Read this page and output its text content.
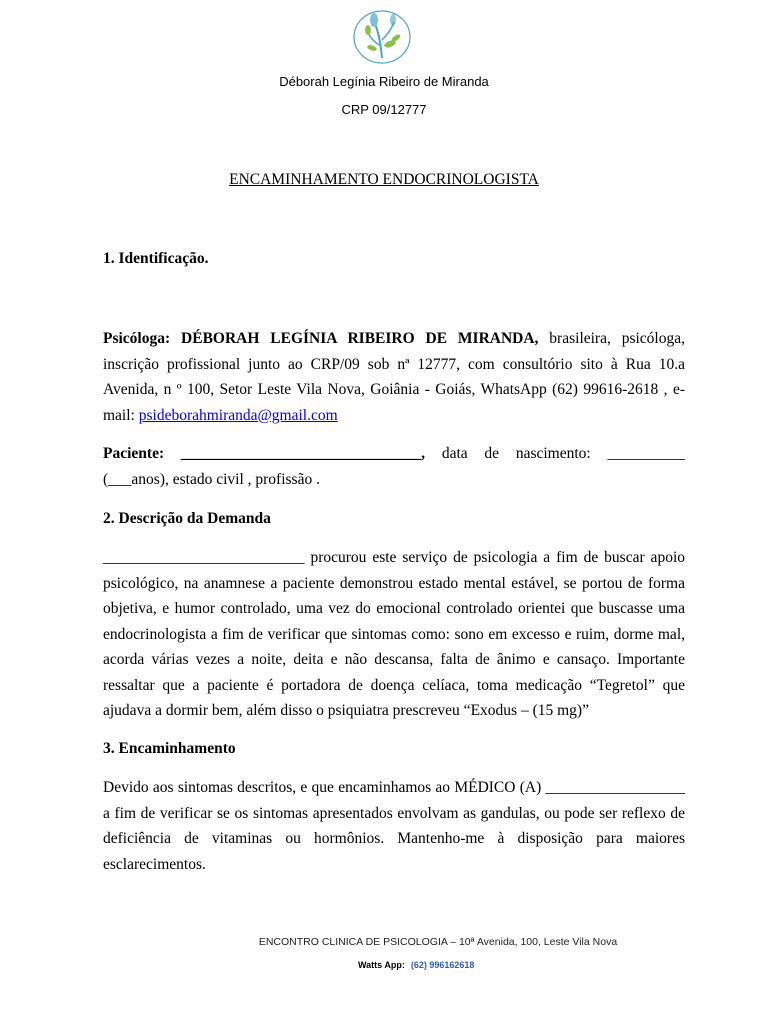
Déborah Legínia Ribeiro de Miranda
CRP 09/12777
ENCAMINHAMENTO ENDOCRINOLOGISTA
1. Identificação.
Psicóloga: DÉBORAH LEGÍNIA RIBEIRO DE MIRANDA, brasileira, psicóloga, inscrição profissional junto ao CRP/09 sob nª 12777, com consultório sito à Rua 10.a Avenida, n º 100, Setor Leste Vila Nova, Goiânia - Goiás, WhatsApp (62) 99616-2618 , e-mail: psideborahmiranda@gmail.com
Paciente: _______________________________, data de nascimento: __________ (___anos), estado civil , profissão .
2. Descrição da Demanda
__________________________ procurou este serviço de psicologia a fim de buscar apoio psicológico, na anamnese a paciente demonstrou estado mental estável, se portou de forma objetiva, e humor controlado, uma vez do emocional controlado orientei que buscasse uma endocrinologista a fim de verificar que sintomas como: sono em excesso e ruim, dorme mal, acorda várias vezes a noite, deita e não descansa, falta de ânimo e cansaço. Importante ressaltar que a paciente é portadora de doença celíaca, toma medicação “Tegretol” que ajudava a dormir bem, além disso o psiquiatra prescreveu “Exodus – (15 mg)”
3. Encaminhamento
Devido aos sintomas descritos, e que encaminhamos ao MÉDICO (A) __________________ a fim de verificar se os sintomas apresentados envolvam as gandulas, ou pode ser reflexo de deficiência de vitaminas ou hormônios. Mantenho-me à disposição para maiores esclarecimentos.
ENCONTRO CLINICA DE PSICOLOGIA – 10ª Avenida, 100, Leste Vila Nova
Watts App: (62) 996162618
